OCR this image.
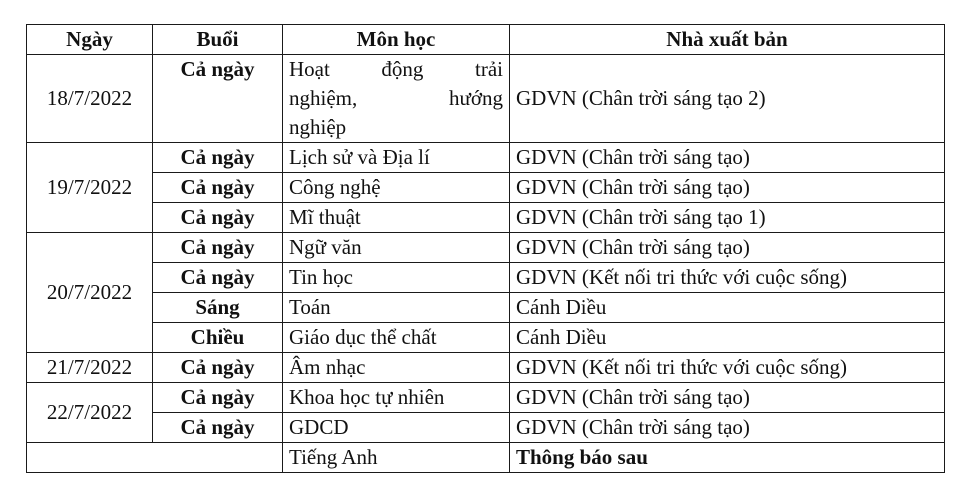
Ngày	Buổi	Môn học	Nhà xuất bản
18/7/2022	Cả ngày	Hoạt động trải
nghiệm, hướng
nghiệp	GDVN (Chân trời sáng tạo 2)
19/7/2022	Cả ngày	Lịch sử và Địa lí	GDVN (Chân trời sáng tạo)
	Cả ngày	Công nghệ	GDVN (Chân trời sáng tạo)
	Cả ngày	Mĩ thuật	GDVN (Chân trời sáng tạo 1)
20/7/2022	Cả ngày	Ngữ văn	GDVN (Chân trời sáng tạo)
	Cả ngày	Tin học	GDVN (Kết nối tri thức với cuộc sống)
	Sáng	Toán	Cánh Diều
	Chiều	Giáo dục thể chất	Cánh Diều
21/7/2022	Cả ngày	Âm nhạc	GDVN (Kết nối tri thức với cuộc sống)
22/7/2022	Cả ngày	Khoa học tự nhiên	GDVN (Chân trời sáng tạo)
	Cả ngày	GDCD	GDVN (Chân trời sáng tạo)
		Tiếng Anh	Thông báo sau
